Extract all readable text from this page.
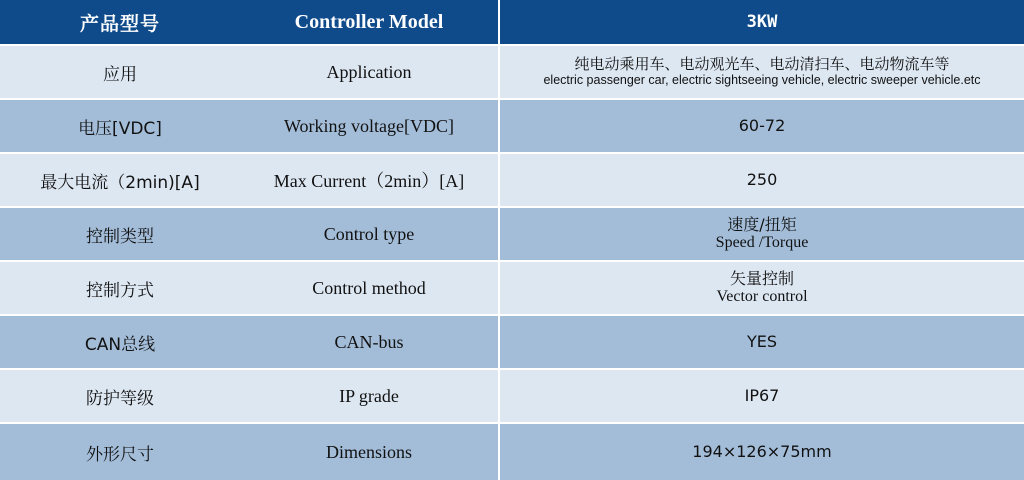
产品型号	Controller Model	3KW
应用	Application	纯电动乘用车、电动观光车、电动清扫车、电动物流车等
electric passenger car, electric sightseeing vehicle, electric sweeper vehicle.etc
电压[VDC]	Working voltage[VDC]	60-72
最大电流（2min)[A]	Max Current（2min）[A]	250
控制类型	Control type	速度/扭矩
Speed /Torque
控制方式	Control method	矢量控制
Vector control
CAN总线	CAN-bus	YES
防护等级	IP grade	IP67
外形尺寸	Dimensions	194×126×75mm
